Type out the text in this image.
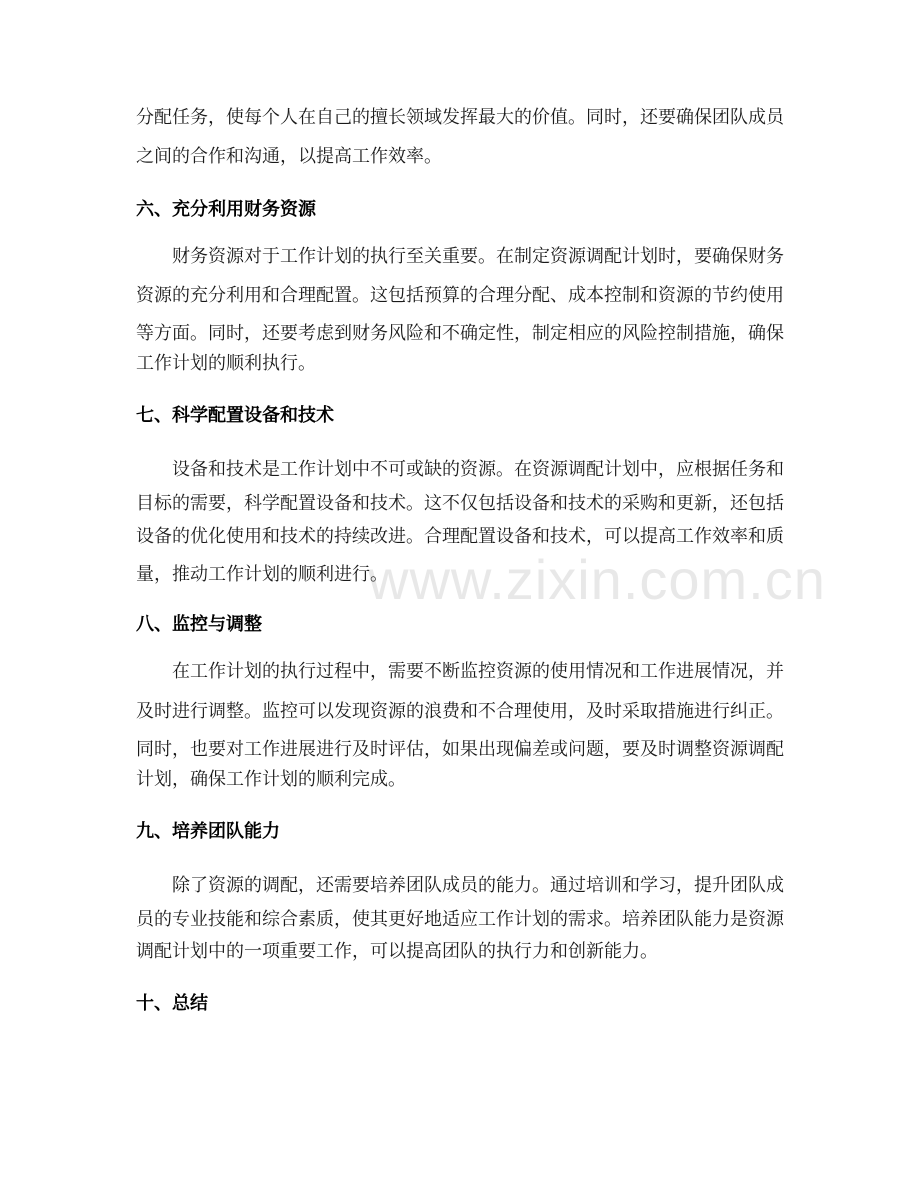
www.zixin.com.cn
分配任务，使每个人在自己的擅长领域发挥最大的价值。同时，还要确保团队成员
之间的合作和沟通，以提高工作效率。
六、充分利用财务资源
财务资源对于工作计划的执行至关重要。在制定资源调配计划时，要确保财务
资源的充分利用和合理配置。这包括预算的合理分配、成本控制和资源的节约使用
等方面。同时，还要考虑到财务风险和不确定性，制定相应的风险控制措施，确保
工作计划的顺利执行。
七、科学配置设备和技术
设备和技术是工作计划中不可或缺的资源。在资源调配计划中，应根据任务和
目标的需要，科学配置设备和技术。这不仅包括设备和技术的采购和更新，还包括
设备的优化使用和技术的持续改进。合理配置设备和技术，可以提高工作效率和质
量，推动工作计划的顺利进行。
八、监控与调整
在工作计划的执行过程中，需要不断监控资源的使用情况和工作进展情况，并
及时进行调整。监控可以发现资源的浪费和不合理使用，及时采取措施进行纠正。
同时，也要对工作进展进行及时评估，如果出现偏差或问题，要及时调整资源调配
计划，确保工作计划的顺利完成。
九、培养团队能力
除了资源的调配，还需要培养团队成员的能力。通过培训和学习，提升团队成
员的专业技能和综合素质，使其更好地适应工作计划的需求。培养团队能力是资源
调配计划中的一项重要工作，可以提高团队的执行力和创新能力。
十、总结
